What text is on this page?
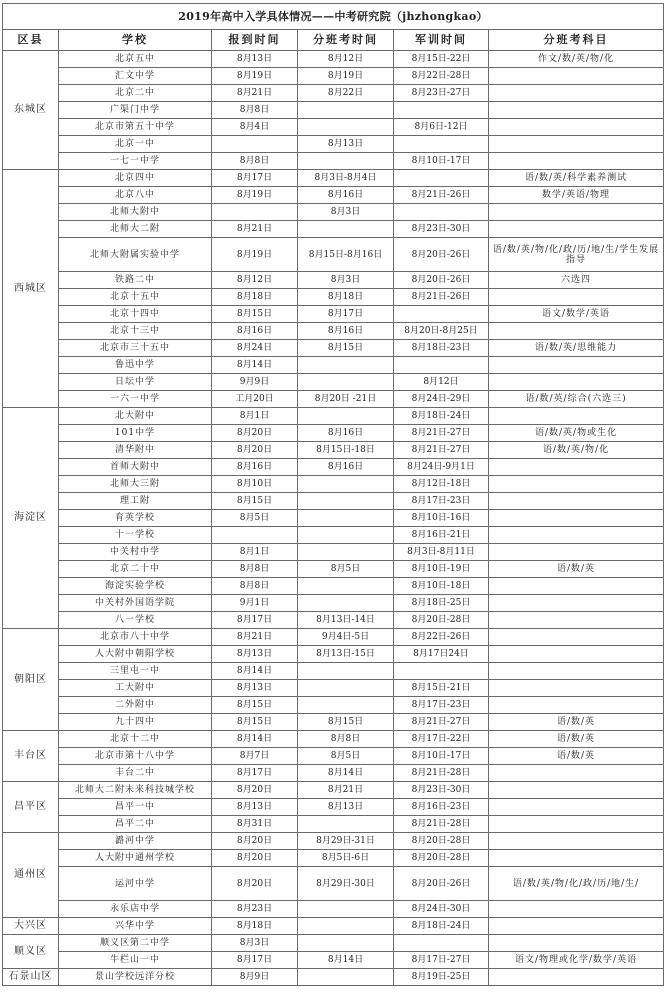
2019年高中入学具体情况——中考研究院（jhzhongkao）					
区县	学校	报到时间	分班考时间	军训时间	分班考科目
东城区	北京五中	8月13日	8月12日	8月15日-22日	作文/数/英/物/化
	汇文中学	8月19日	8月19日	8月22日-28日	
	北京二中	8月21日	8月22日	8月23日-27日	
	广渠门中学	8月8日			
	北京市第五十中学	8月4日		8月6日-12日	
	北京一中		8月13日		
	一七一中学	8月8日		8月10日-17日	
西城区	北京四中	8月17日	8月3日-8月4日		语/数/英/科学素养测试
	北京八中	8月19日	8月16日	8月21日-26日	数学/英语/物理
	北师大附中		8月3日		
	北师大二附	8月21日		8月23日-30日	
	北师大附属实验中学	8月19日	8月15日-8月16日	8月20日-26日	语/数/英/物/化/政/历/地/生/学生发展指导
	铁路二中	8月12日	8月3日	8月20日-26日	六选四
	北京十五中	8月18日	8月18日	8月21日-26日	
	北京十四中	8月15日	8月17日		语文/数学/英语
	北京十三中	8月16日	8月16日	8月20日-8月25日	
	北京市三十五中	8月24日	8月15日	8月18日-23日	语/数/英/思维能力
	鲁迅中学	8月14日			
	日坛中学	9月9日		8月12日	
	一六一中学	工月20日	8月20日 -21日	8月24日-29日	语/数/英/综合(六选三)
海淀区	北大附中	8月1日		8月18日-24日	
	101中学	8月20日	8月16日	8月21日-27日	语/数/英/物或生化
	清华附中	8月20日	8月15日-18日	8月21日-27日	语/数/英/物/化
	首师大附中	8月16日	8月16日	8月24日-9月1日	
	北师大三附	8月10日		8月12日-18日	
	理工附	8月15日		8月17日-23日	
	育英学校	8月5日		8月10日-16日	
	十一学校			8月16日-21日	
	中关村中学	8月1日		8月3日-8月11日	
	北京二十中	8月8日	8月5日	8月10日-19日	语/数/英
	海淀实验学校	8月8日		8月10日-18日	
	中关村外国语学院	9月1日		8月18日-25日	
	八一学校	8月17日	8月13日-14日	8月20日-28日	
朝阳区	北京市八十中学	8月21日	9月4日-5日	8月22日-26日	
	人大附中朝阳学校	8月13日	8月13日-15日	8月17日24日	
	三里屯一中	8月14日			
	工大附中	8月13日		8月15日-21日	
	二外附中	8月15日		8月17日-23日	
	九十四中	8月15日	8月15日	8月21日-27日	语/数/英
丰台区	北京十二中	8月14日	8月8日	8月17日-22日	语/数/英
	北京市第十八中学	8月7日	8月5日	8月10日-17日	语/数/英
	丰台二中	8月17日	8月14日	8月21日-28日	
昌平区	北师大二附未来科技城学校	8月20日	8月21日	8月23日-30日	
	昌平一中	8月13日	8月13日	8月16日-23日	
	昌平二中	8月31日		8月21日-28日	
通州区	潞河中学	8月20日	8月29日-31日	8月20日-28日	
	人大附中通州学校	8月20日	8月5日-6日	8月20日-28日	
	运河中学	8月20日	8月29日-30日	8月20日-26日	语/数/英/物/化/政/历/地/生/
	永乐店中学	8月23日		8月24日-30日	
大兴区	兴华中学	8月18日		8月18日-24日	
顺义区	顺义区第二中学	8月3日			
	牛栏山一中	8月17日	8月14日	8月17日-27日	语文/物理或化学/数学/英语
石景山区	景山学校远洋分校	8月9日		8月19日-25日	
